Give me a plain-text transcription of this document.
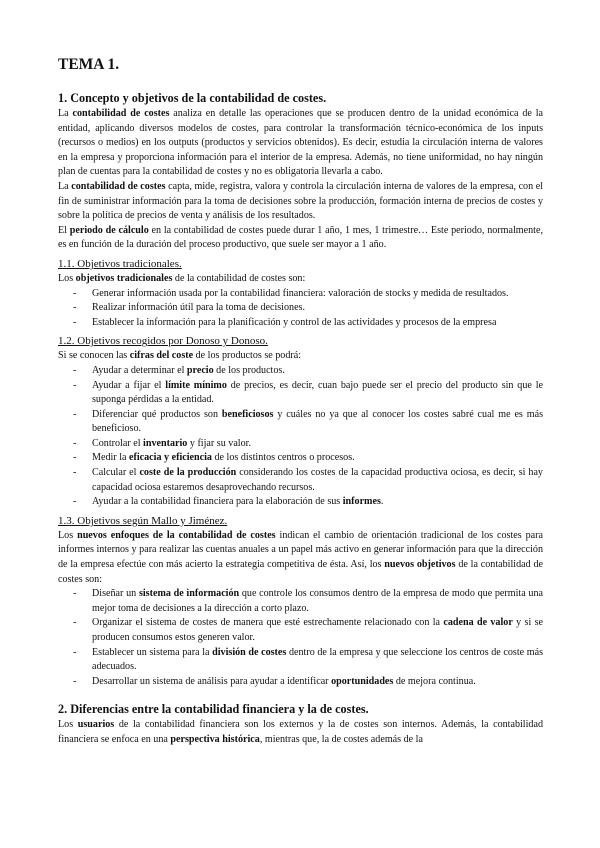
TEMA 1.
1. Concepto y objetivos de la contabilidad de costes.

La contabilidad de costes analiza en detalle las operaciones que se producen dentro de la unidad económica de la entidad, aplicando diversos modelos de costes, para controlar la transformación técnico-económica de los inputs (recursos o medios) en los outputs (productos y servicios obtenidos). Es decir, estudia la circulación interna de valores en la empresa y proporciona información para el interior de la empresa. Además, no tiene uniformidad, no hay ningún plan de cuentas para la contabilidad de costes y no es obligatoria llevarla a cabo.

La contabilidad de costes capta, mide, registra, valora y controla la circulación interna de valores de la empresa, con el fin de suministrar información para la toma de decisiones sobre la producción, formación interna de precios de costes y sobre la política de precios de venta y análisis de los resultados.

El periodo de cálculo en la contabilidad de costes puede durar 1 año, 1 mes, 1 trimestre… Este periodo, normalmente, es en función de la duración del proceso productivo, que suele ser mayor a 1 año.

1.1. Objetivos tradicionales.

Los objetivos tradicionales de la contabilidad de costes son:

- Generar información usada por la contabilidad financiera: valoración de stocks y medida de resultados.
- Realizar información útil para la toma de decisiones.
- Establecer la información para la planificación y control de las actividades y procesos de la empresa
1.2. Objetivos recogidos por Donoso y Donoso.

Si se conocen las cifras del coste de los productos se podrá:

- Ayudar a determinar el precio de los productos.
- Ayudar a fijar el límite mínimo de precios, es decir, cuan bajo puede ser el precio del producto sin que le suponga pérdidas a la entidad.
- Diferenciar qué productos son beneficiosos y cuáles no ya que al conocer los costes sabré cual me es más beneficioso.
- Controlar el inventario y fijar su valor.
- Medir la eficacia y eficiencia de los distintos centros o procesos.
- Calcular el coste de la producción considerando los costes de la capacidad productiva ociosa, es decir, si hay capacidad ociosa estaremos desaprovechando recursos.
- Ayudar a la contabilidad financiera para la elaboración de sus informes.
1.3. Objetivos según Mallo y Jiménez.

Los nuevos enfoques de la contabilidad de costes indican el cambio de orientación tradicional de los costes para informes internos y para realizar las cuentas anuales a un papel más activo en generar información para que la dirección de la empresa efectúe con más acierto la estrategia competitiva de ésta. Así, los nuevos objetivos de la contabilidad de costes son:

- Diseñar un sistema de información que controle los consumos dentro de la empresa de modo que permita una mejor toma de decisiones a la dirección a corto plazo.
- Organizar el sistema de costes de manera que esté estrechamente relacionado con la cadena de valor y si se producen consumos estos generen valor.
- Establecer un sistema para la división de costes dentro de la empresa y que seleccione los centros de coste más adecuados.
- Desarrollar un sistema de análisis para ayudar a identificar oportunidades de mejora continua.
2. Diferencias entre la contabilidad financiera y la de costes.

Los usuarios de la contabilidad financiera son los externos y la de costes son internos. Además, la contabilidad financiera se enfoca en una perspectiva histórica, mientras que, la de costes además de la
